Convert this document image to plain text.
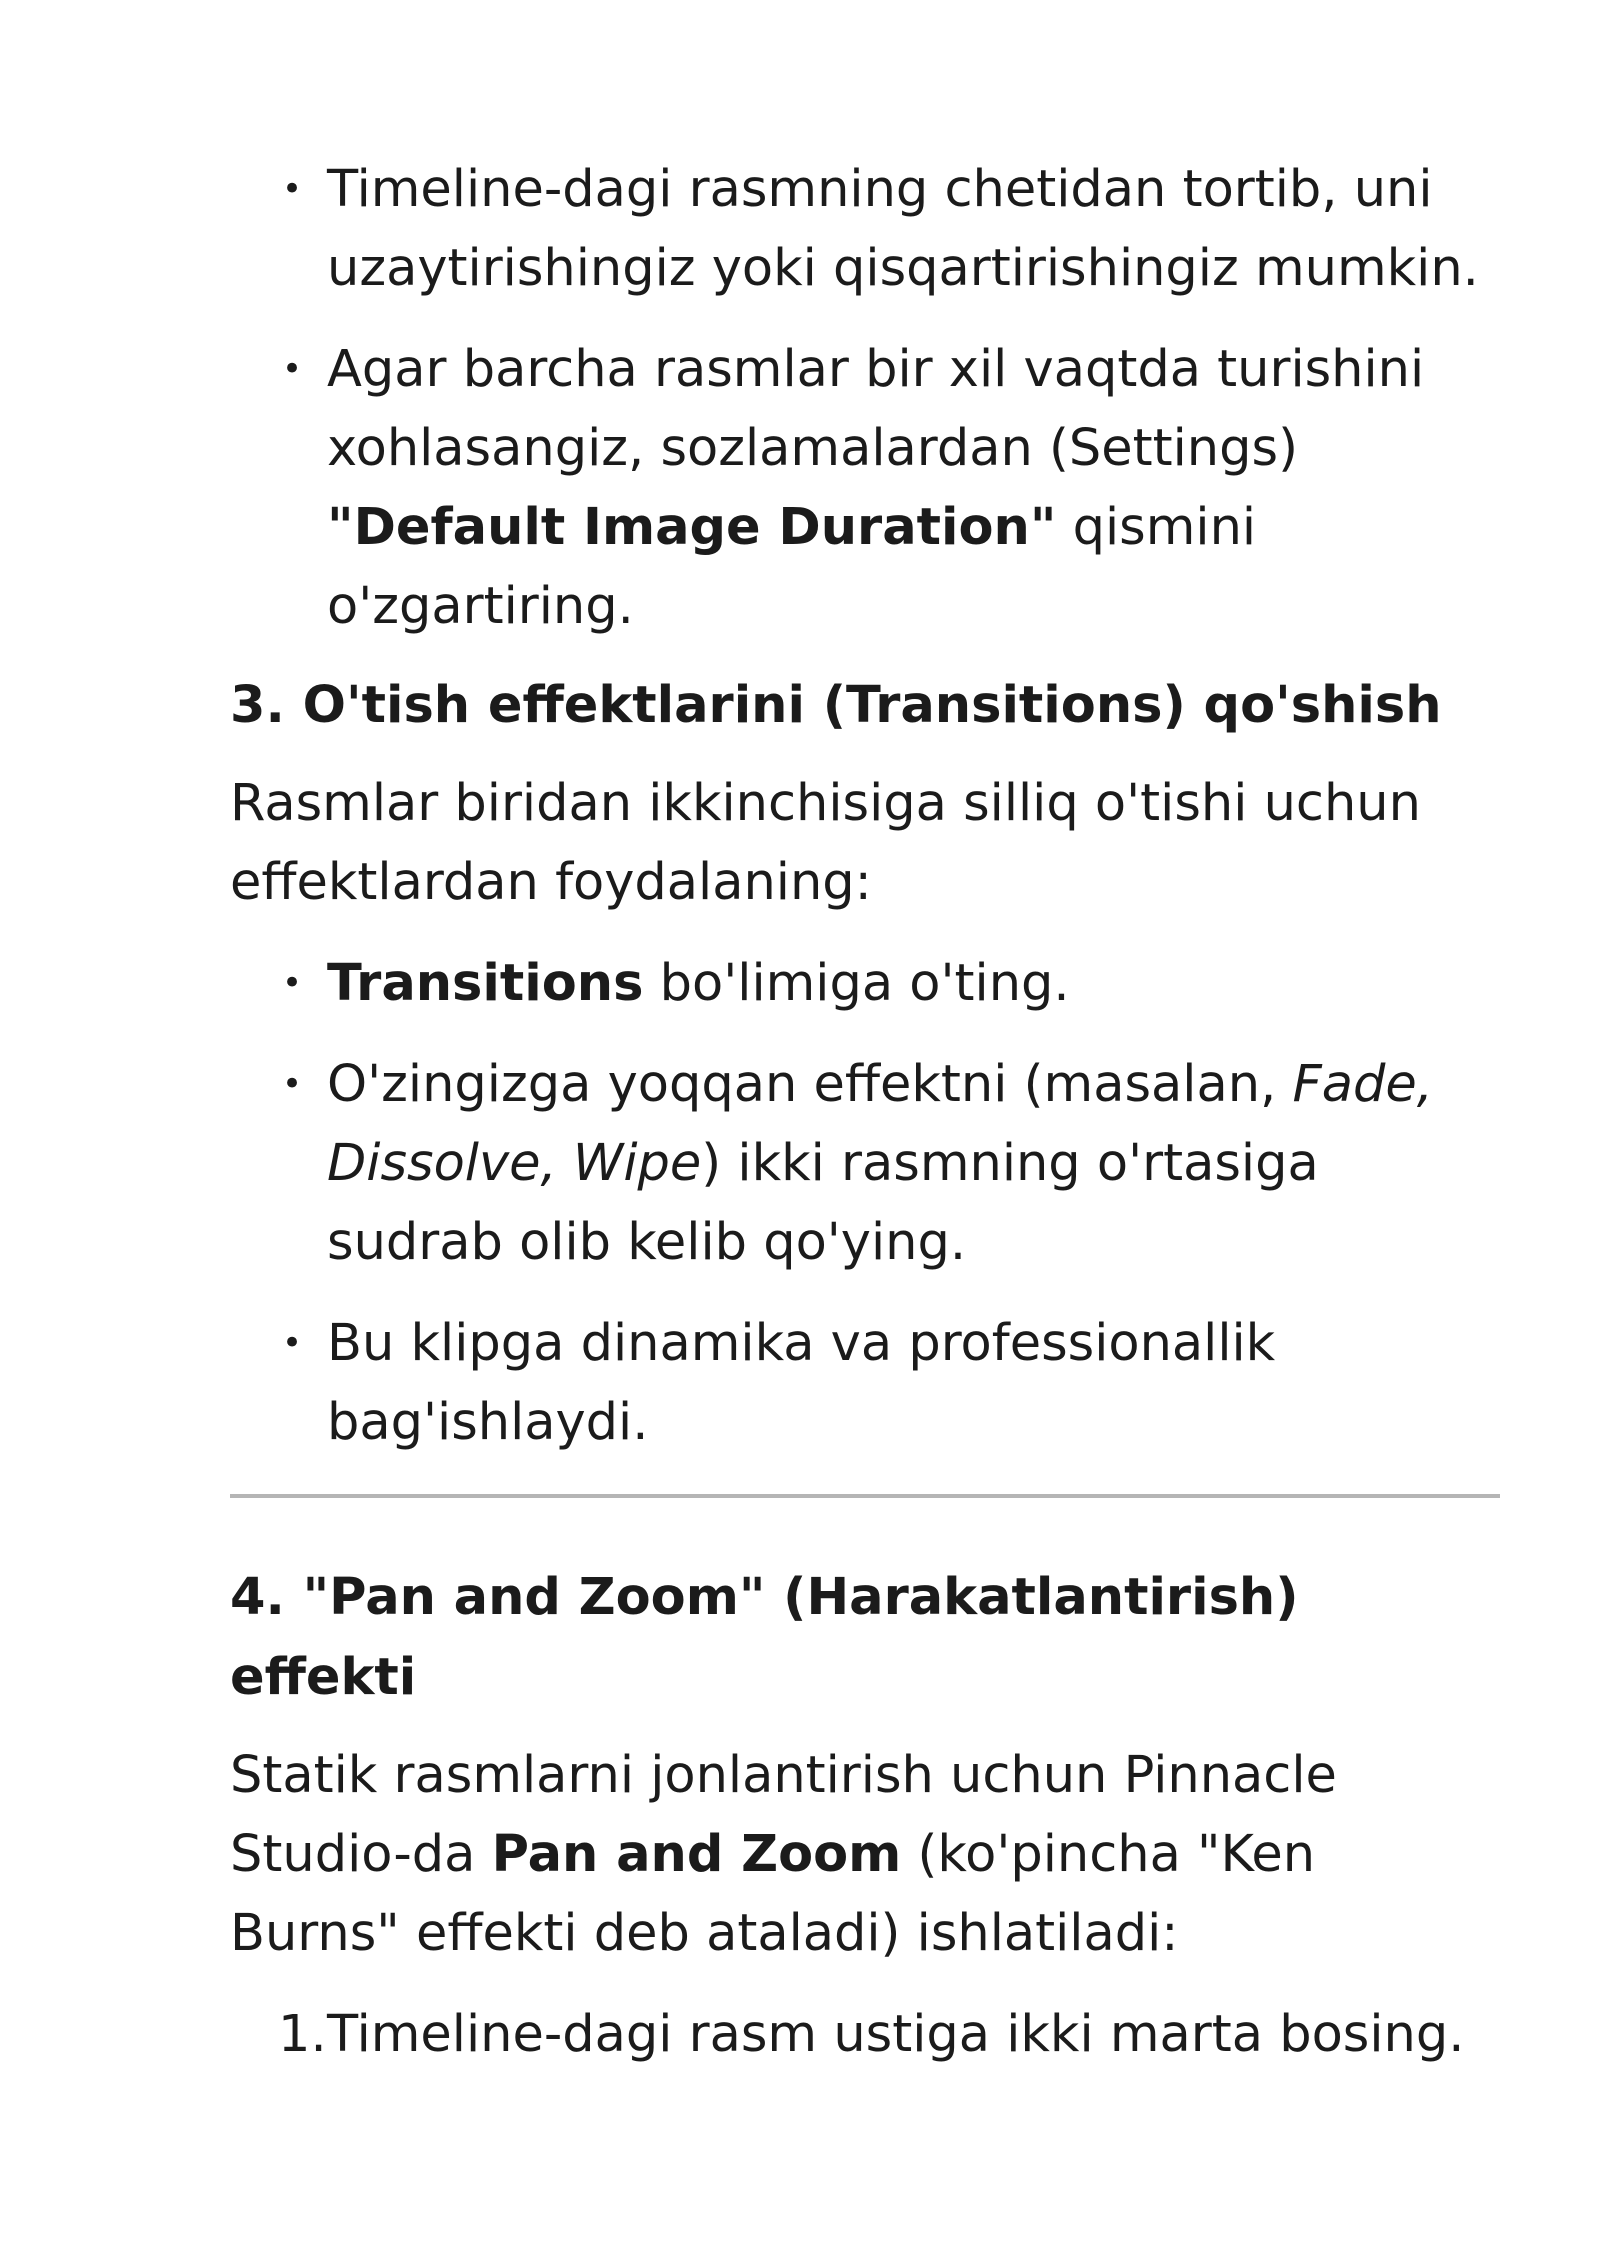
• Timeline-dagi rasmning chetidan tortib, uni uzaytirishingiz yoki qisqartirishingiz mumkin.
• Agar barcha rasmlar bir xil vaqtda turishini xohlasangiz, sozlamalardan (Settings) "Default Image Duration" qismini o'zgartiring.
3. O'tish effektlarini (Transitions) qo'shish

Rasmlar biridan ikkinchisiga silliq o'tishi uchun effektlardan foydalaning:

• Transitions bo'limiga o'ting.
• O'zingizga yoqqan effektni (masalan, Fade, Dissolve, Wipe) ikki rasmning o'rtasiga sudrab olib kelib qo'ying.
• Bu klipga dinamika va professionallik bag'ishlaydi.
4. "Pan and Zoom" (Harakatlantirish) effekti

Statik rasmlarni jonlantirish uchun Pinnacle Studio-da Pan and Zoom (ko'pincha "Ken Burns" effekti deb ataladi) ishlatiladi:

1. Timeline-dagi rasm ustiga ikki marta bosing.
